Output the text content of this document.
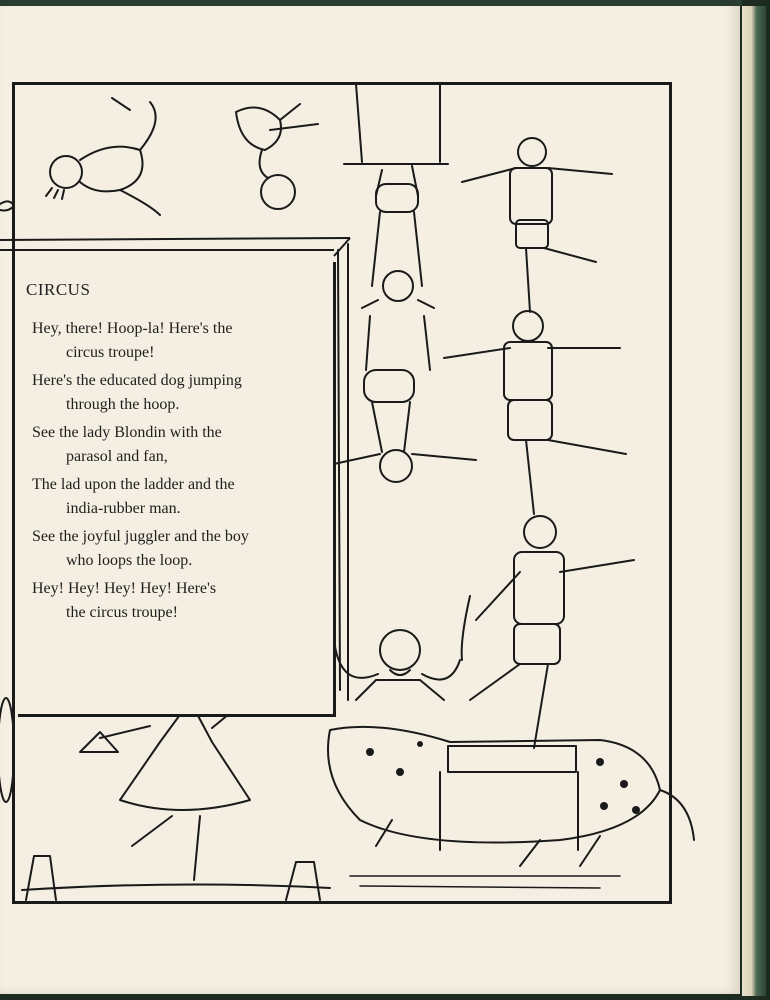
CIRCUS
Hey, there! Hoop-la! Here's the
circus troupe!
Here's the educated dog jumping
through the hoop.
See the lady Blondin with the
parasol and fan,
The lad upon the ladder and the
india-rubber man.
See the joyful juggler and the boy
who loops the loop.
Hey! Hey! Hey! Hey! Here's
the circus troupe!
